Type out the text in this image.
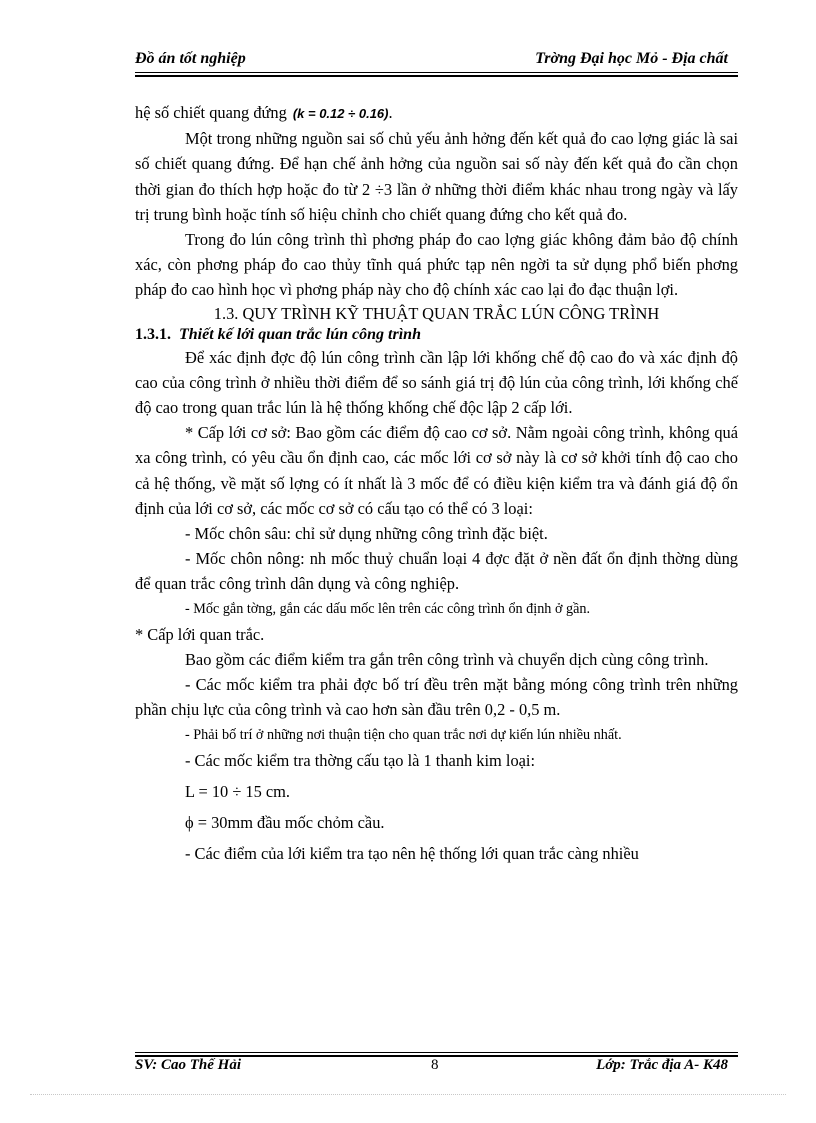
Đồ án tốt nghiệp	Trờng Đại học Mỏ - Địa chất

hệ số chiết quang đứng (k = 0.12 ÷ 0.16).

Một trong những nguồn sai số chủ yếu ảnh hởng đến kết quả đo cao lợng giác là sai số chiết quang đứng. Để hạn chế ảnh hởng của nguồn sai số này đến kết quả đo cần chọn thời gian đo thích hợp hoặc đo từ 2 ÷3 lần ở những thời điểm khác nhau trong ngày và lấy trị trung bình hoặc tính số hiệu chỉnh cho chiết quang đứng cho kết quả đo.

Trong đo lún công trình thì phơng pháp đo cao lợng giác không đảm bảo độ chính xác, còn phơng pháp đo cao thủy tĩnh quá phức tạp nên ngời ta sử dụng phổ biến phơng pháp đo cao hình học vì phơng pháp này cho độ chính xác cao lại đo đạc thuận lợi.

1.3. QUY TRÌNH KỸ THUẬT QUAN TRẮC LÚN CÔNG TRÌNH

1.3.1. Thiết kế lới quan trắc lún công trình

Để xác định đợc độ lún công trình cần lập lới khống chế độ cao đo và xác định độ cao của công trình ở nhiều thời điểm để so sánh giá trị độ lún của công trình, lới khống chế độ cao trong quan trắc lún là hệ thống khống chế độc lập 2 cấp lới.

* Cấp lới cơ sở: Bao gồm các điểm độ cao cơ sở. Nằm ngoài công trình, không quá xa công trình, có yêu cầu ổn định cao, các mốc lới cơ sở này là cơ sở khởi tính độ cao cho cả hệ thống, về mặt số lợng có ít nhất là 3 mốc để có điều kiện kiểm tra và đánh giá độ ổn định của lới cơ sở, các mốc cơ sở có cấu tạo có thể có 3 loại:

- Mốc chôn sâu: chỉ sử dụng những công trình đặc biệt.

- Mốc chôn nông: nh mốc thuỷ chuẩn loại 4 đợc đặt ở nền đất ổn định thờng dùng để quan trắc công trình dân dụng và công nghiệp.

- Mốc gắn tờng, gắn các dấu mốc lên trên các công trình ổn định ở gần.

* Cấp lới quan trắc.

Bao gồm các điểm kiểm tra gắn trên công trình và chuyển dịch cùng công trình.

- Các mốc kiểm tra phải đợc bố trí đều trên mặt bằng móng công trình trên những phần chịu lực của công trình và cao hơn sàn đầu trên 0,2 - 0,5 m.

- Phải bố trí ở những nơi thuận tiện cho quan trắc nơi dự kiến lún nhiều nhất.

- Các mốc kiểm tra thờng cấu tạo là 1 thanh kim loại:

L = 10 ÷ 15 cm.

ϕ = 30mm đầu mốc chỏm cầu.

- Các điểm của lới kiểm tra tạo nên hệ thống lới quan trắc càng nhiều

SV: Cao Thế Hải	8	Lớp: Trắc địa A- K48
